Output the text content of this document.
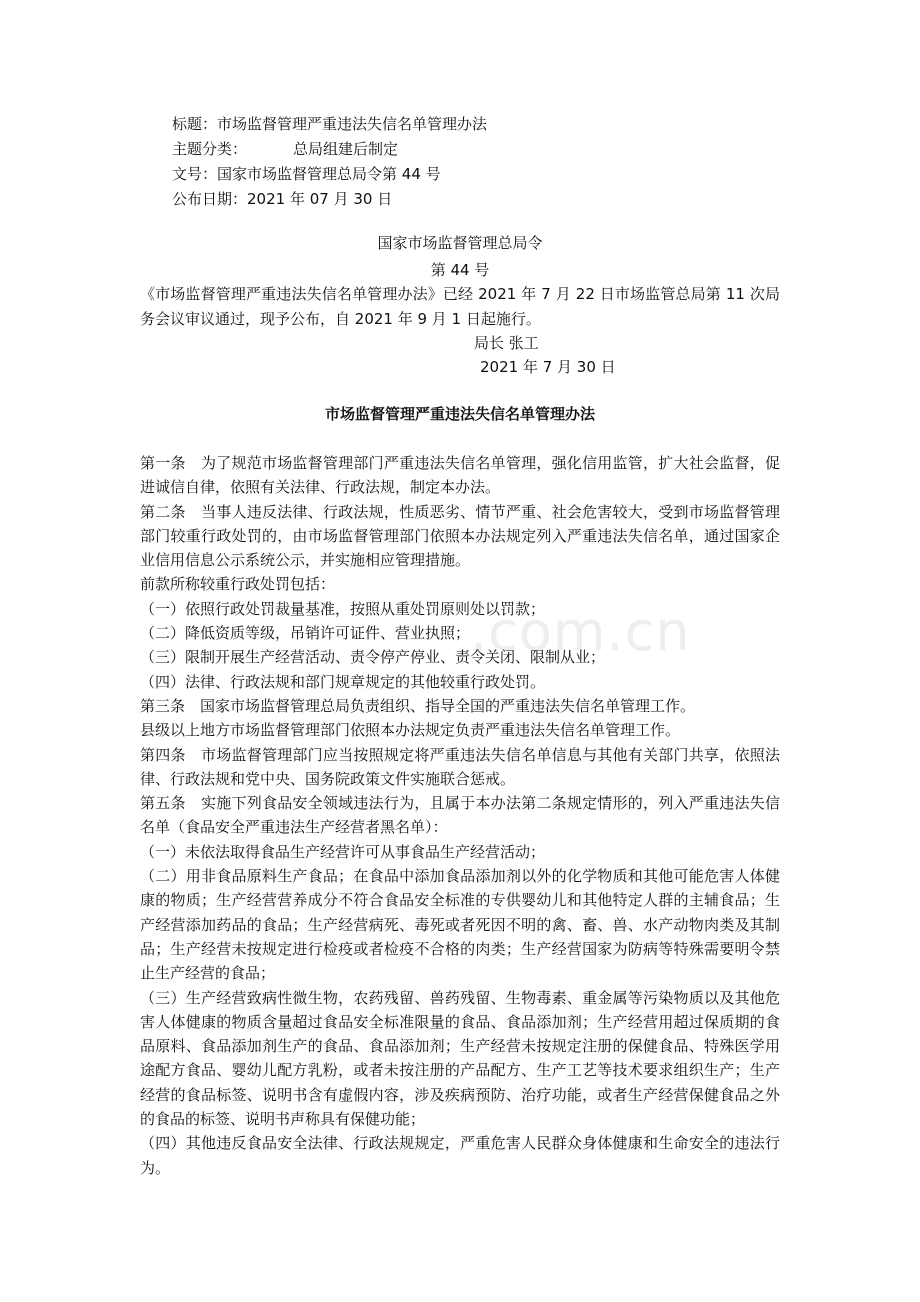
.com.cn
标题：市场监督管理严重违法失信名单管理办法
主题分类：	总局组建后制定
文号：国家市场监督管理总局令第 44 号
公布日期：2021 年 07 月 30 日
国家市场监督管理总局令
第 44 号
《市场监督管理严重违法失信名单管理办法》已经 2021 年 7 月 22 日市场监管总局第 11 次局务会议审议通过，现予公布，自 2021 年 9 月 1 日起施行。
局长 张工
2021 年 7 月 30 日
市场监督管理严重违法失信名单管理办法

第一条　为了规范市场监督管理部门严重违法失信名单管理，强化信用监管，扩大社会监督，促进诚信自律，依照有关法律、行政法规，制定本办法。

第二条　当事人违反法律、行政法规，性质恶劣、情节严重、社会危害较大，受到市场监督管理部门较重行政处罚的，由市场监督管理部门依照本办法规定列入严重违法失信名单，通过国家企业信用信息公示系统公示，并实施相应管理措施。

前款所称较重行政处罚包括：

（一）依照行政处罚裁量基准，按照从重处罚原则处以罚款；

（二）降低资质等级，吊销许可证件、营业执照；

（三）限制开展生产经营活动、责令停产停业、责令关闭、限制从业；

（四）法律、行政法规和部门规章规定的其他较重行政处罚。

第三条　国家市场监督管理总局负责组织、指导全国的严重违法失信名单管理工作。

县级以上地方市场监督管理部门依照本办法规定负责严重违法失信名单管理工作。

第四条　市场监督管理部门应当按照规定将严重违法失信名单信息与其他有关部门共享，依照法律、行政法规和党中央、国务院政策文件实施联合惩戒。

第五条　实施下列食品安全领域违法行为，且属于本办法第二条规定情形的，列入严重违法失信名单（食品安全严重违法生产经营者黑名单）：

（一）未依法取得食品生产经营许可从事食品生产经营活动；

（二）用非食品原料生产食品；在食品中添加食品添加剂以外的化学物质和其他可能危害人体健康的物质；生产经营营养成分不符合食品安全标准的专供婴幼儿和其他特定人群的主辅食品；生产经营添加药品的食品；生产经营病死、毒死或者死因不明的禽、畜、兽、水产动物肉类及其制品；生产经营未按规定进行检疫或者检疫不合格的肉类；生产经营国家为防病等特殊需要明令禁止生产经营的食品；

（三）生产经营致病性微生物，农药残留、兽药残留、生物毒素、重金属等污染物质以及其他危害人体健康的物质含量超过食品安全标准限量的食品、食品添加剂；生产经营用超过保质期的食品原料、食品添加剂生产的食品、食品添加剂；生产经营未按规定注册的保健食品、特殊医学用途配方食品、婴幼儿配方乳粉，或者未按注册的产品配方、生产工艺等技术要求组织生产；生产经营的食品标签、说明书含有虚假内容，涉及疾病预防、治疗功能，或者生产经营保健食品之外的食品的标签、说明书声称具有保健功能；

（四）其他违反食品安全法律、行政法规规定，严重危害人民群众身体健康和生命安全的违法行为。
